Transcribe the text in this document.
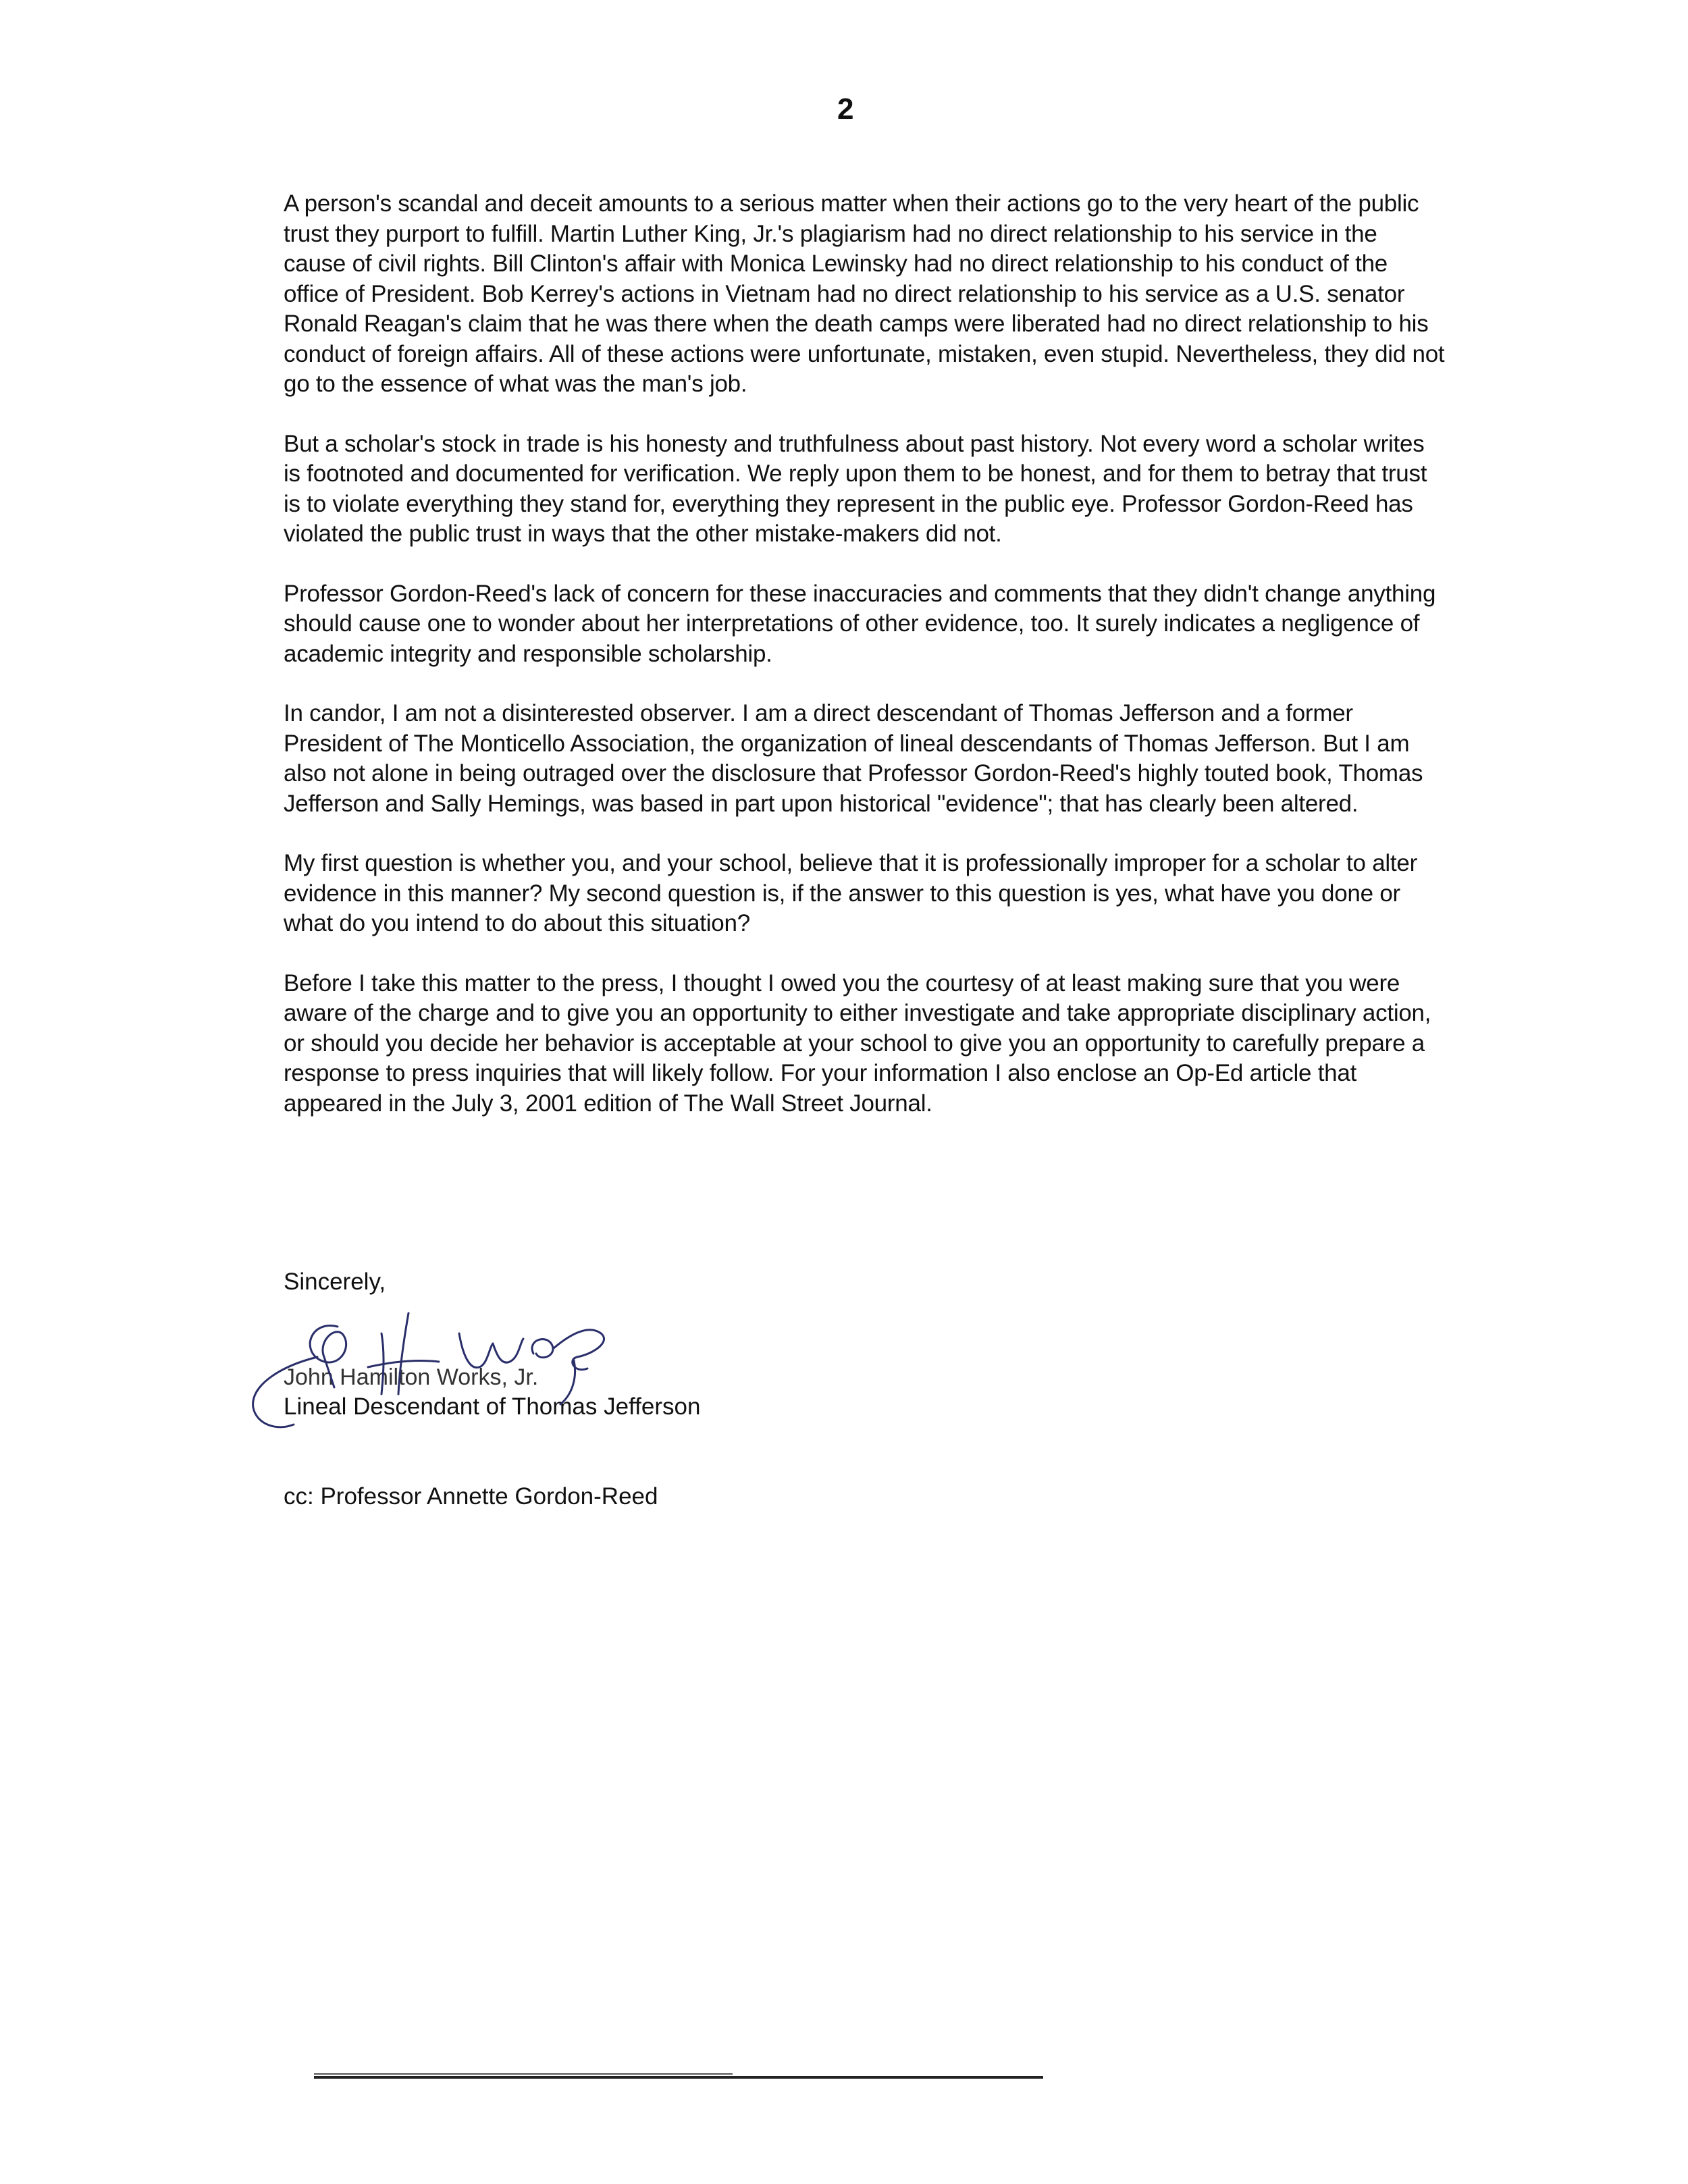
2

A person's scandal and deceit amounts to a serious matter when their actions go to the very heart of the public trust they purport to fulfill. Martin Luther King, Jr.'s plagiarism had no direct relationship to his service in the cause of civil rights. Bill Clinton's affair with Monica Lewinsky had no direct relationship to his conduct of the office of President. Bob Kerrey's actions in Vietnam had no direct relationship to his service as a U.S. senator Ronald Reagan's claim that he was there when the death camps were liberated had no direct relationship to his conduct of foreign affairs. All of these actions were unfortunate, mistaken, even stupid. Nevertheless, they did not go to the essence of what was the man's job.

But a scholar's stock in trade is his honesty and truthfulness about past history. Not every word a scholar writes is footnoted and documented for verification. We reply upon them to be honest, and for them to betray that trust is to violate everything they stand for, everything they represent in the public eye. Professor Gordon-Reed has violated the public trust in ways that the other mistake-makers did not.

Professor Gordon-Reed's lack of concern for these inaccuracies and comments that they didn't change anything should cause one to wonder about her interpretations of other evidence, too. It surely indicates a negligence of academic integrity and responsible scholarship.

In candor, I am not a disinterested observer. I am a direct descendant of Thomas Jefferson and a former President of The Monticello Association, the organization of lineal descendants of Thomas Jefferson. But I am also not alone in being outraged over the disclosure that Professor Gordon-Reed's highly touted book, Thomas Jefferson and Sally Hemings, was based in part upon historical "evidence"; that has clearly been altered.

My first question is whether you, and your school, believe that it is professionally improper for a scholar to alter evidence in this manner? My second question is, if the answer to this question is yes, what have you done or what do you intend to do about this situation?

Before I take this matter to the press, I thought I owed you the courtesy of at least making sure that you were aware of the charge and to give you an opportunity to either investigate and take appropriate disciplinary action, or should you decide her behavior is acceptable at your school to give you an opportunity to carefully prepare a response to press inquiries that will likely follow. For your information I also enclose an Op-Ed article that appeared in the July 3, 2001 edition of The Wall Street Journal.

Sincerely,
John Hamilton Works, Jr.
Lineal Descendant of Thomas Jefferson
cc: Professor Annette Gordon-Reed
